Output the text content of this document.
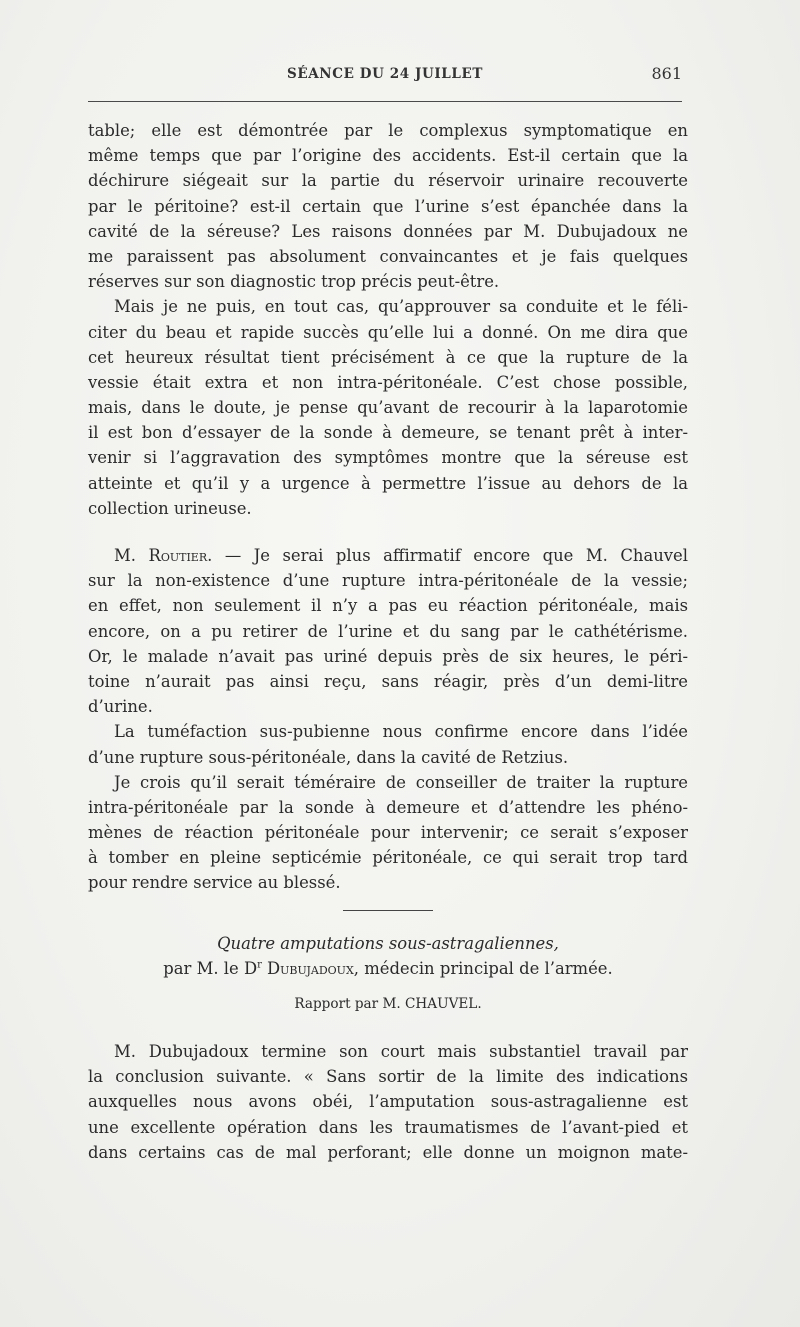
SÉANCE DU 24 JUILLET	861
table; elle est démontrée par le complexus symptomatique en
même temps que par l’origine des accidents. Est-il certain que la
déchirure siégeait sur la partie du réservoir urinaire recouverte
par le péritoine? est-il certain que l’urine s’est épanchée dans la
cavité de la séreuse? Les raisons données par M. Dubujadoux ne
me paraissent pas absolument convaincantes et je fais quelques
réserves sur son diagnostic trop précis peut-être.
Mais je ne puis, en tout cas, qu’approuver sa conduite et le féli-
citer du beau et rapide succès qu’elle lui a donné. On me dira que
cet heureux résultat tient précisément à ce que la rupture de la
vessie était extra et non intra-péritonéale. C’est chose possible,
mais, dans le doute, je pense qu’avant de recourir à la laparotomie
il est bon d’essayer de la sonde à demeure, se tenant prêt à inter-
venir si l’aggravation des symptômes montre que la séreuse est
atteinte et qu’il y a urgence à permettre l’issue au dehors de la
collection urineuse.
M. Routier. — Je serai plus affirmatif encore que M. Chauvel
sur la non-existence d’une rupture intra-péritonéale de la vessie;
en effet, non seulement il n’y a pas eu réaction péritonéale, mais
encore, on a pu retirer de l’urine et du sang par le cathétérisme.
Or, le malade n’avait pas uriné depuis près de six heures, le péri-
toine n’aurait pas ainsi reçu, sans réagir, près d’un demi-litre
d’urine.
La tuméfaction sus-pubienne nous confirme encore dans l’idée
d’une rupture sous-péritonéale, dans la cavité de Retzius.
Je crois qu’il serait téméraire de conseiller de traiter la rupture
intra-péritonéale par la sonde à demeure et d’attendre les phéno-
mènes de réaction péritonéale pour intervenir; ce serait s’exposer
à tomber en pleine septicémie péritonéale, ce qui serait trop tard
pour rendre service au blessé.
Quatre amputations sous-astragaliennes,
par M. le $D^r$ Dubujadoux, médecin principal de l’armée.
Rapport par M. CHAUVEL.
M. Dubujadoux termine son court mais substantiel travail par
la conclusion suivante. « Sans sortir de la limite des indications
auxquelles nous avons obéi, l’amputation sous-astragalienne est
une excellente opération dans les traumatismes de l’avant-pied et
dans certains cas de mal perforant; elle donne un moignon mate-
